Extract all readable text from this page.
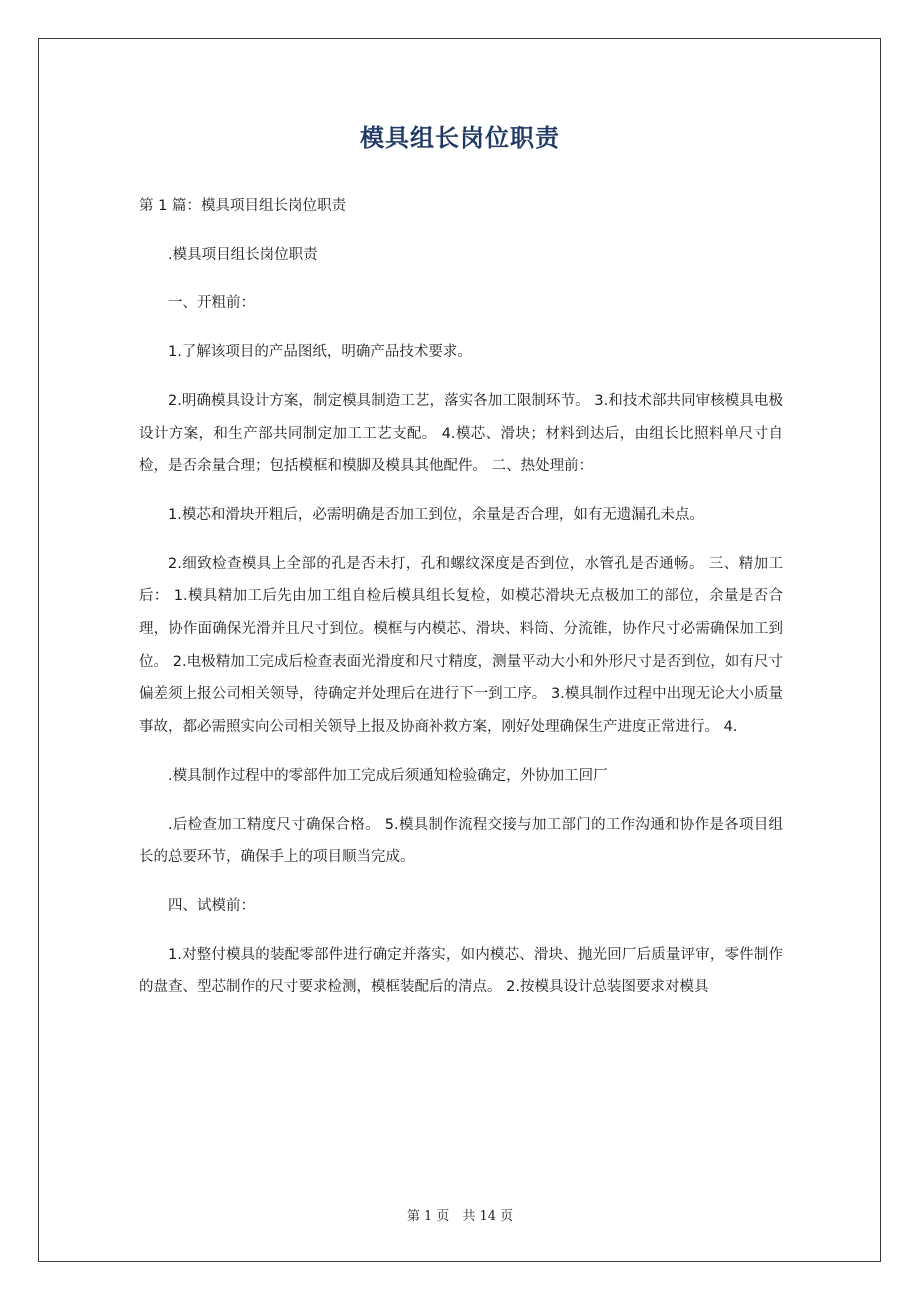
模具组长岗位职责

第 1 篇：模具项目组长岗位职责

.模具项目组长岗位职责

一、开粗前：

1.了解该项目的产品图纸，明确产品技术要求。

2.明确模具设计方案，制定模具制造工艺，落实各加工限制环节。 3.和技术部共同审核模具电极设计方案，和生产部共同制定加工工艺支配。 4.模芯、滑块；材料到达后，由组长比照料单尺寸自检，是否余量合理；包括模框和模脚及模具其他配件。 二、热处理前：

1.模芯和滑块开粗后，必需明确是否加工到位，余量是否合理，如有无遗漏孔未点。

2.细致检查模具上全部的孔是否未打，孔和螺纹深度是否到位，水管孔是否通畅。 三、精加工后： 1.模具精加工后先由加工组自检后模具组长复检，如模芯滑块无点极加工的部位，余量是否合理，协作面确保光滑并且尺寸到位。模框与内模芯、滑块、料筒、分流锥，协作尺寸必需确保加工到位。 2.电极精加工完成后检查表面光滑度和尺寸精度，测量平动大小和外形尺寸是否到位，如有尺寸偏差须上报公司相关领导，待确定并处理后在进行下一到工序。 3.模具制作过程中出现无论大小质量事故，都必需照实向公司相关领导上报及协商补救方案，刚好处理确保生产进度正常进行。 4.

.模具制作过程中的零部件加工完成后须通知检验确定，外协加工回厂

.后检查加工精度尺寸确保合格。 5.模具制作流程交接与加工部门的工作沟通和协作是各项目组长的总要环节，确保手上的项目顺当完成。

四、试模前：

1.对整付模具的装配零部件进行确定并落实，如内模芯、滑块、抛光回厂后质量评审，零件制作的盘查、型芯制作的尺寸要求检测，模框装配后的清点。 2.按模具设计总装图要求对模具

第 1 页　共 14 页
